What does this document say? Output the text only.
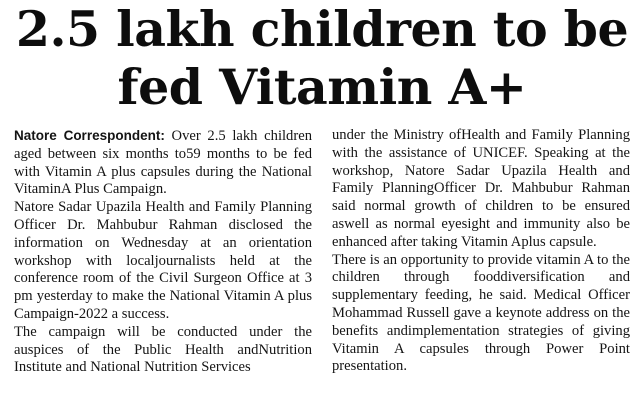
2.5 lakh children to be
fed Vitamin A+

Natore Correspondent: Over 2.5 lakh children aged between six months to59 months to be fed with Vitamin A plus capsules during the National VitaminA Plus Campaign.

Natore Sadar Upazila Health and Family Planning Officer Dr. Mahbubur Rahman disclosed the information on Wednesday at an orientation workshop with localjournalists held at the conference room of the Civil Surgeon Office at 3 pm yesterday to make the National Vitamin A plus Campaign-2022 a success.

The campaign will be conducted under the auspices of the Public Health andNutrition Institute and National Nutrition Services

under the Ministry ofHealth and Family Planning with the assistance of UNICEF. Speaking at the workshop, Natore Sadar Upazila Health and Family PlanningOfficer Dr. Mahbubur Rahman said normal growth of children to be ensured aswell as normal eyesight and immunity also be enhanced after taking Vitamin Aplus capsule.

There is an opportunity to provide vitamin A to the children through fooddiversification and supplementary feeding, he said. Medical Officer Mohammad Russell gave a keynote address on the benefits andimplementation strategies of giving Vitamin A capsules through Power Point presentation.
